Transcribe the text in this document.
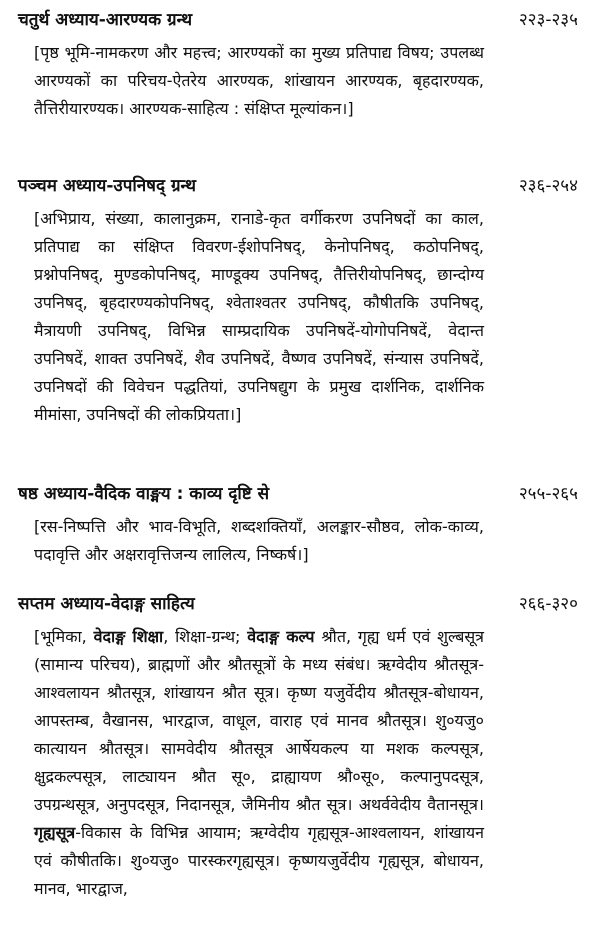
चतुर्थ अध्याय-आरण्यक ग्रन्थ	२२३-२३५
[पृष्ठ भूमि-नामकरण और महत्त्व; आरण्यकों का मुख्य प्रतिपाद्य विषय; उपलब्ध आरण्यकों का परिचय-ऐतरेय आरण्यक, शांखायन आरण्यक, बृहदारण्यक, तैत्तिरीयारण्यक। आरण्यक-साहित्य : संक्षिप्त मूल्यांकन।]
पञ्चम अध्याय-उपनिषद् ग्रन्थ	२३६-२५४
[अभिप्राय, संख्या, कालानुक्रम, रानाडे-कृत वर्गीकरण उपनिषदों का काल, प्रतिपाद्य का संक्षिप्त विवरण-ईशोपनिषद्, केनोपनिषद्, कठोपनिषद्, प्रश्नोपनिषद्, मुण्डकोपनिषद्, माण्डूक्य उपनिषद्, तैत्तिरीयोपनिषद्, छान्दोग्य उपनिषद्, बृहदारण्यकोपनिषद्, श्वेताश्वतर उपनिषद्, कौषीतकि उपनिषद्, मैत्रायणी उपनिषद्, विभिन्न साम्प्रदायिक उपनिषदें-योगोपनिषदें, वेदान्त उपनिषदें, शाक्त उपनिषदें, शैव उपनिषदें, वैष्णव उपनिषदें, संन्यास उपनिषदें, उपनिषदों की विवेचन पद्धतियां, उपनिषद्युग के प्रमुख दार्शनिक, दार्शनिक मीमांसा, उपनिषदों की लोकप्रियता।]
षष्ठ अध्याय-वैदिक वाङ्मय : काव्य दृष्टि से	२५५-२६५
[रस-निष्पत्ति और भाव-विभूति, शब्दशक्तियाँ, अलङ्कार-सौष्ठव, लोक-काव्य, पदावृत्ति और अक्षरावृत्तिजन्य लालित्य, निष्कर्ष।]
सप्तम अध्याय-वेदाङ्ग साहित्य	२६६-३२०
[भूमिका, वेदाङ्ग शिक्षा, शिक्षा-ग्रन्थ; वेदाङ्ग कल्प श्रौत, गृह्य धर्म एवं शुल्बसूत्र (सामान्य परिचय), ब्राह्मणों और श्रौतसूत्रों के मध्य संबंध। ऋग्वेदीय श्रौतसूत्र-आश्वलायन श्रौतसूत्र, शांखायन श्रौत सूत्र। कृष्ण यजुर्वेदीय श्रौतसूत्र-बोधायन, आपस्तम्ब, वैखानस, भारद्वाज, वाधूल, वाराह एवं मानव श्रौतसूत्र। शु०यजु० कात्यायन श्रौतसूत्र। सामवेदीय श्रौतसूत्र आर्षेयकल्प या मशक कल्पसूत्र, क्षुद्रकल्पसूत्र, लाट्यायन श्रौत सू०, द्राह्यायण श्रौ०सू०, कल्पानुपदसूत्र, उपग्रन्थसूत्र, अनुपदसूत्र, निदानसूत्र, जैमिनीय श्रौत सूत्र। अथर्ववेदीय वैतानसूत्र। गृह्यसूत्र-विकास के विभिन्न आयाम; ऋग्वेदीय गृह्यसूत्र-आश्वलायन, शांखायन एवं कौषीतकि। शु०यजु० पारस्करगृह्यसूत्र। कृष्णयजुर्वेदीय गृह्यसूत्र, बोधायन, मानव, भारद्वाज,
